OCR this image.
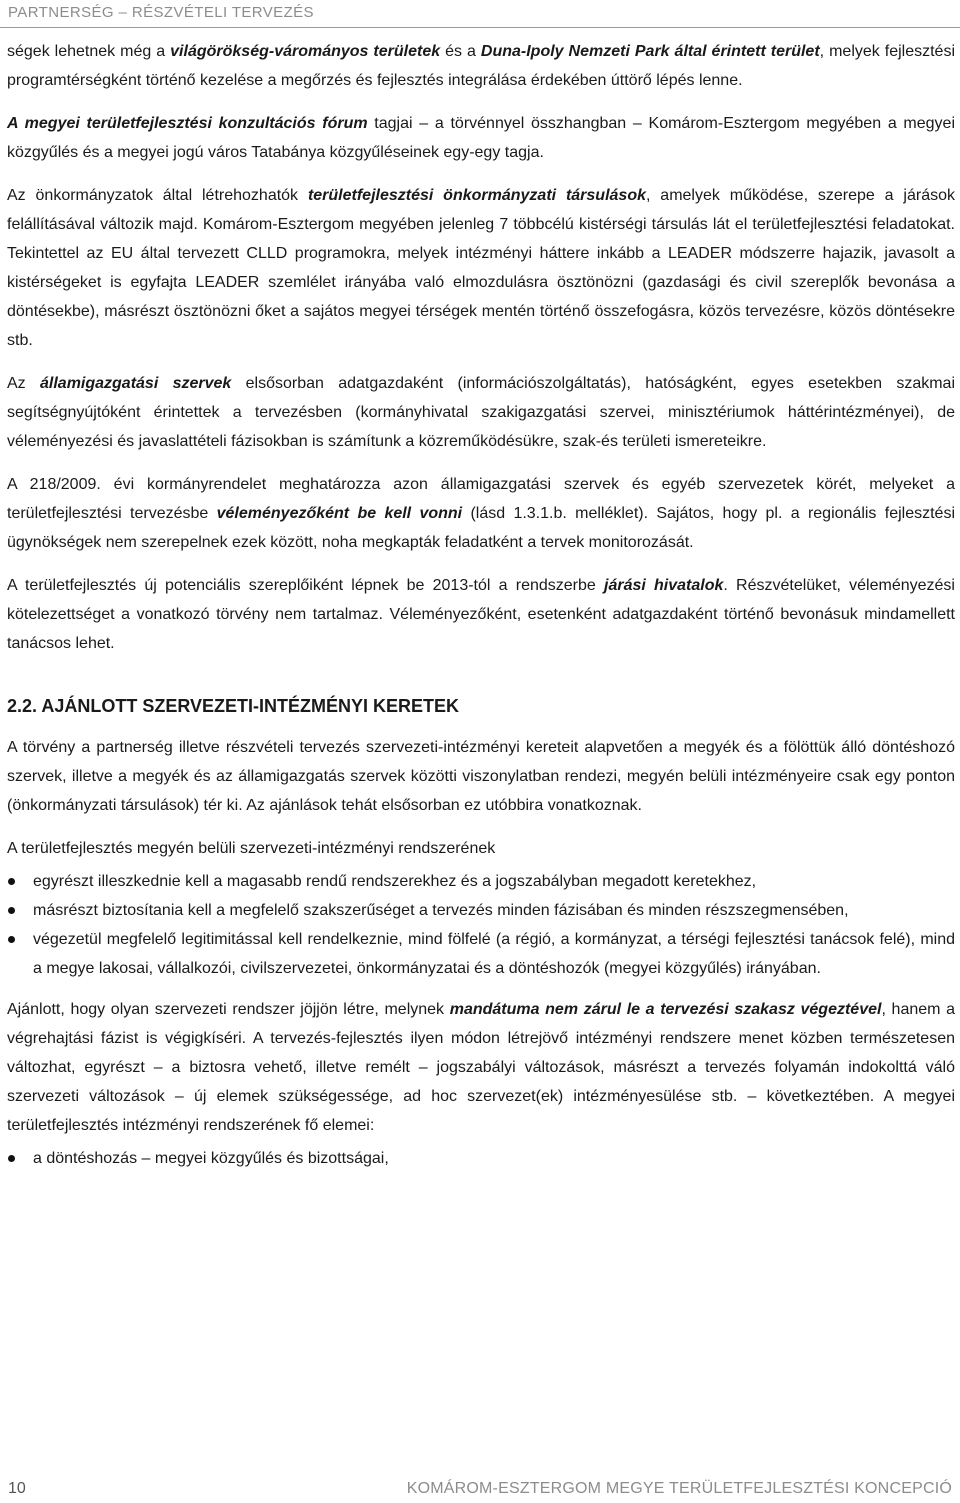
PARTNERSÉG – RÉSZVÉTELI TERVEZÉS

ségek lehetnek még a világörökség-várományos területek és a Duna-Ipoly Nemzeti Park által érintett terület, melyek fejlesztési programtérségként történő kezelése a megőrzés és fejlesztés integrálása érdekében úttörő lépés lenne.

A megyei területfejlesztési konzultációs fórum tagjai – a törvénnyel összhangban – Komárom-Esztergom megyében a megyei közgyűlés és a megyei jogú város Tatabánya közgyűléseinek egy-egy tagja.

Az önkormányzatok által létrehozhatók területfejlesztési önkormányzati társulások, amelyek működése, szerepe a járások felállításával változik majd. Komárom-Esztergom megyében jelenleg 7 többcélú kistérségi társulás lát el területfejlesztési feladatokat. Tekintettel az EU által tervezett CLLD programokra, melyek intézményi háttere inkább a LEADER módszerre hajazik, javasolt a kistérségeket is egyfajta LEADER szemlélet irányába való elmozdulásra ösztönözni (gazdasági és civil szereplők bevonása a döntésekbe), másrészt ösztönözni őket a sajátos megyei térségek mentén történő összefogásra, közös tervezésre, közös döntésekre stb.

Az államigazgatási szervek elsősorban adatgazdaként (információszolgáltatás), hatóságként, egyes esetekben szakmai segítségnyújtóként érintettek a tervezésben (kormányhivatal szakigazgatási szervei, minisztériumok háttérintézményei), de véleményezési és javaslattételi fázisokban is számítunk a közreműködésükre, szak-és területi ismereteikre.

A 218/2009. évi kormányrendelet meghatározza azon államigazgatási szervek és egyéb szervezetek körét, melyeket a területfejlesztési tervezésbe véleményezőként be kell vonni (lásd 1.3.1.b. melléklet). Sajátos, hogy pl. a regionális fejlesztési ügynökségek nem szerepelnek ezek között, noha megkapták feladatként a tervek monitorozását.

A területfejlesztés új potenciális szereplőiként lépnek be 2013-tól a rendszerbe járási hivatalok. Részvételüket, véleményezési kötelezettséget a vonatkozó törvény nem tartalmaz. Véleményezőként, esetenként adatgazdaként történő bevonásuk mindamellett tanácsos lehet.

2.2. AJÁNLOTT SZERVEZETI-INTÉZMÉNYI KERETEK

A törvény a partnerség illetve részvételi tervezés szervezeti-intézményi kereteit alapvetően a megyék és a fölöttük álló döntéshozó szervek, illetve a megyék és az államigazgatás szervek közötti viszonylatban rendezi, megyén belüli intézményeire csak egy ponton (önkormányzati társulások) tér ki. Az ajánlások tehát elsősorban ez utóbbira vonatkoznak.

A területfejlesztés megyén belüli szervezeti-intézményi rendszerének

egyrészt illeszkednie kell a magasabb rendű rendszerekhez és a jogszabályban megadott keretekhez,
másrészt biztosítania kell a megfelelő szakszerűséget a tervezés minden fázisában és minden részszegmensében,
végezetül megfelelő legitimitással kell rendelkeznie, mind fölfelé (a régió, a kormányzat, a térségi fejlesztési tanácsok felé), mind a megye lakosai, vállalkozói, civilszervezetei, önkormányzatai és a döntéshozók (megyei közgyűlés) irányában.

Ajánlott, hogy olyan szervezeti rendszer jöjjön létre, melynek mandátuma nem zárul le a tervezési szakasz végeztével, hanem a végrehajtási fázist is végigkíséri. A tervezés-fejlesztés ilyen módon létrejövő intézményi rendszere menet közben természetesen változhat, egyrészt – a biztosra vehető, illetve remélt – jogszabályi változások, másrészt a tervezés folyamán indokolttá váló szervezeti változások – új elemek szükségessége, ad hoc szervezet(ek) intézményesülése stb. – következtében. A megyei területfejlesztés intézményi rendszerének fő elemei:

a döntéshozás – megyei közgyűlés és bizottságai,
10	KOMÁROM-ESZTERGOM MEGYE TERÜLETFEJLESZTÉSI KONCEPCIÓ
